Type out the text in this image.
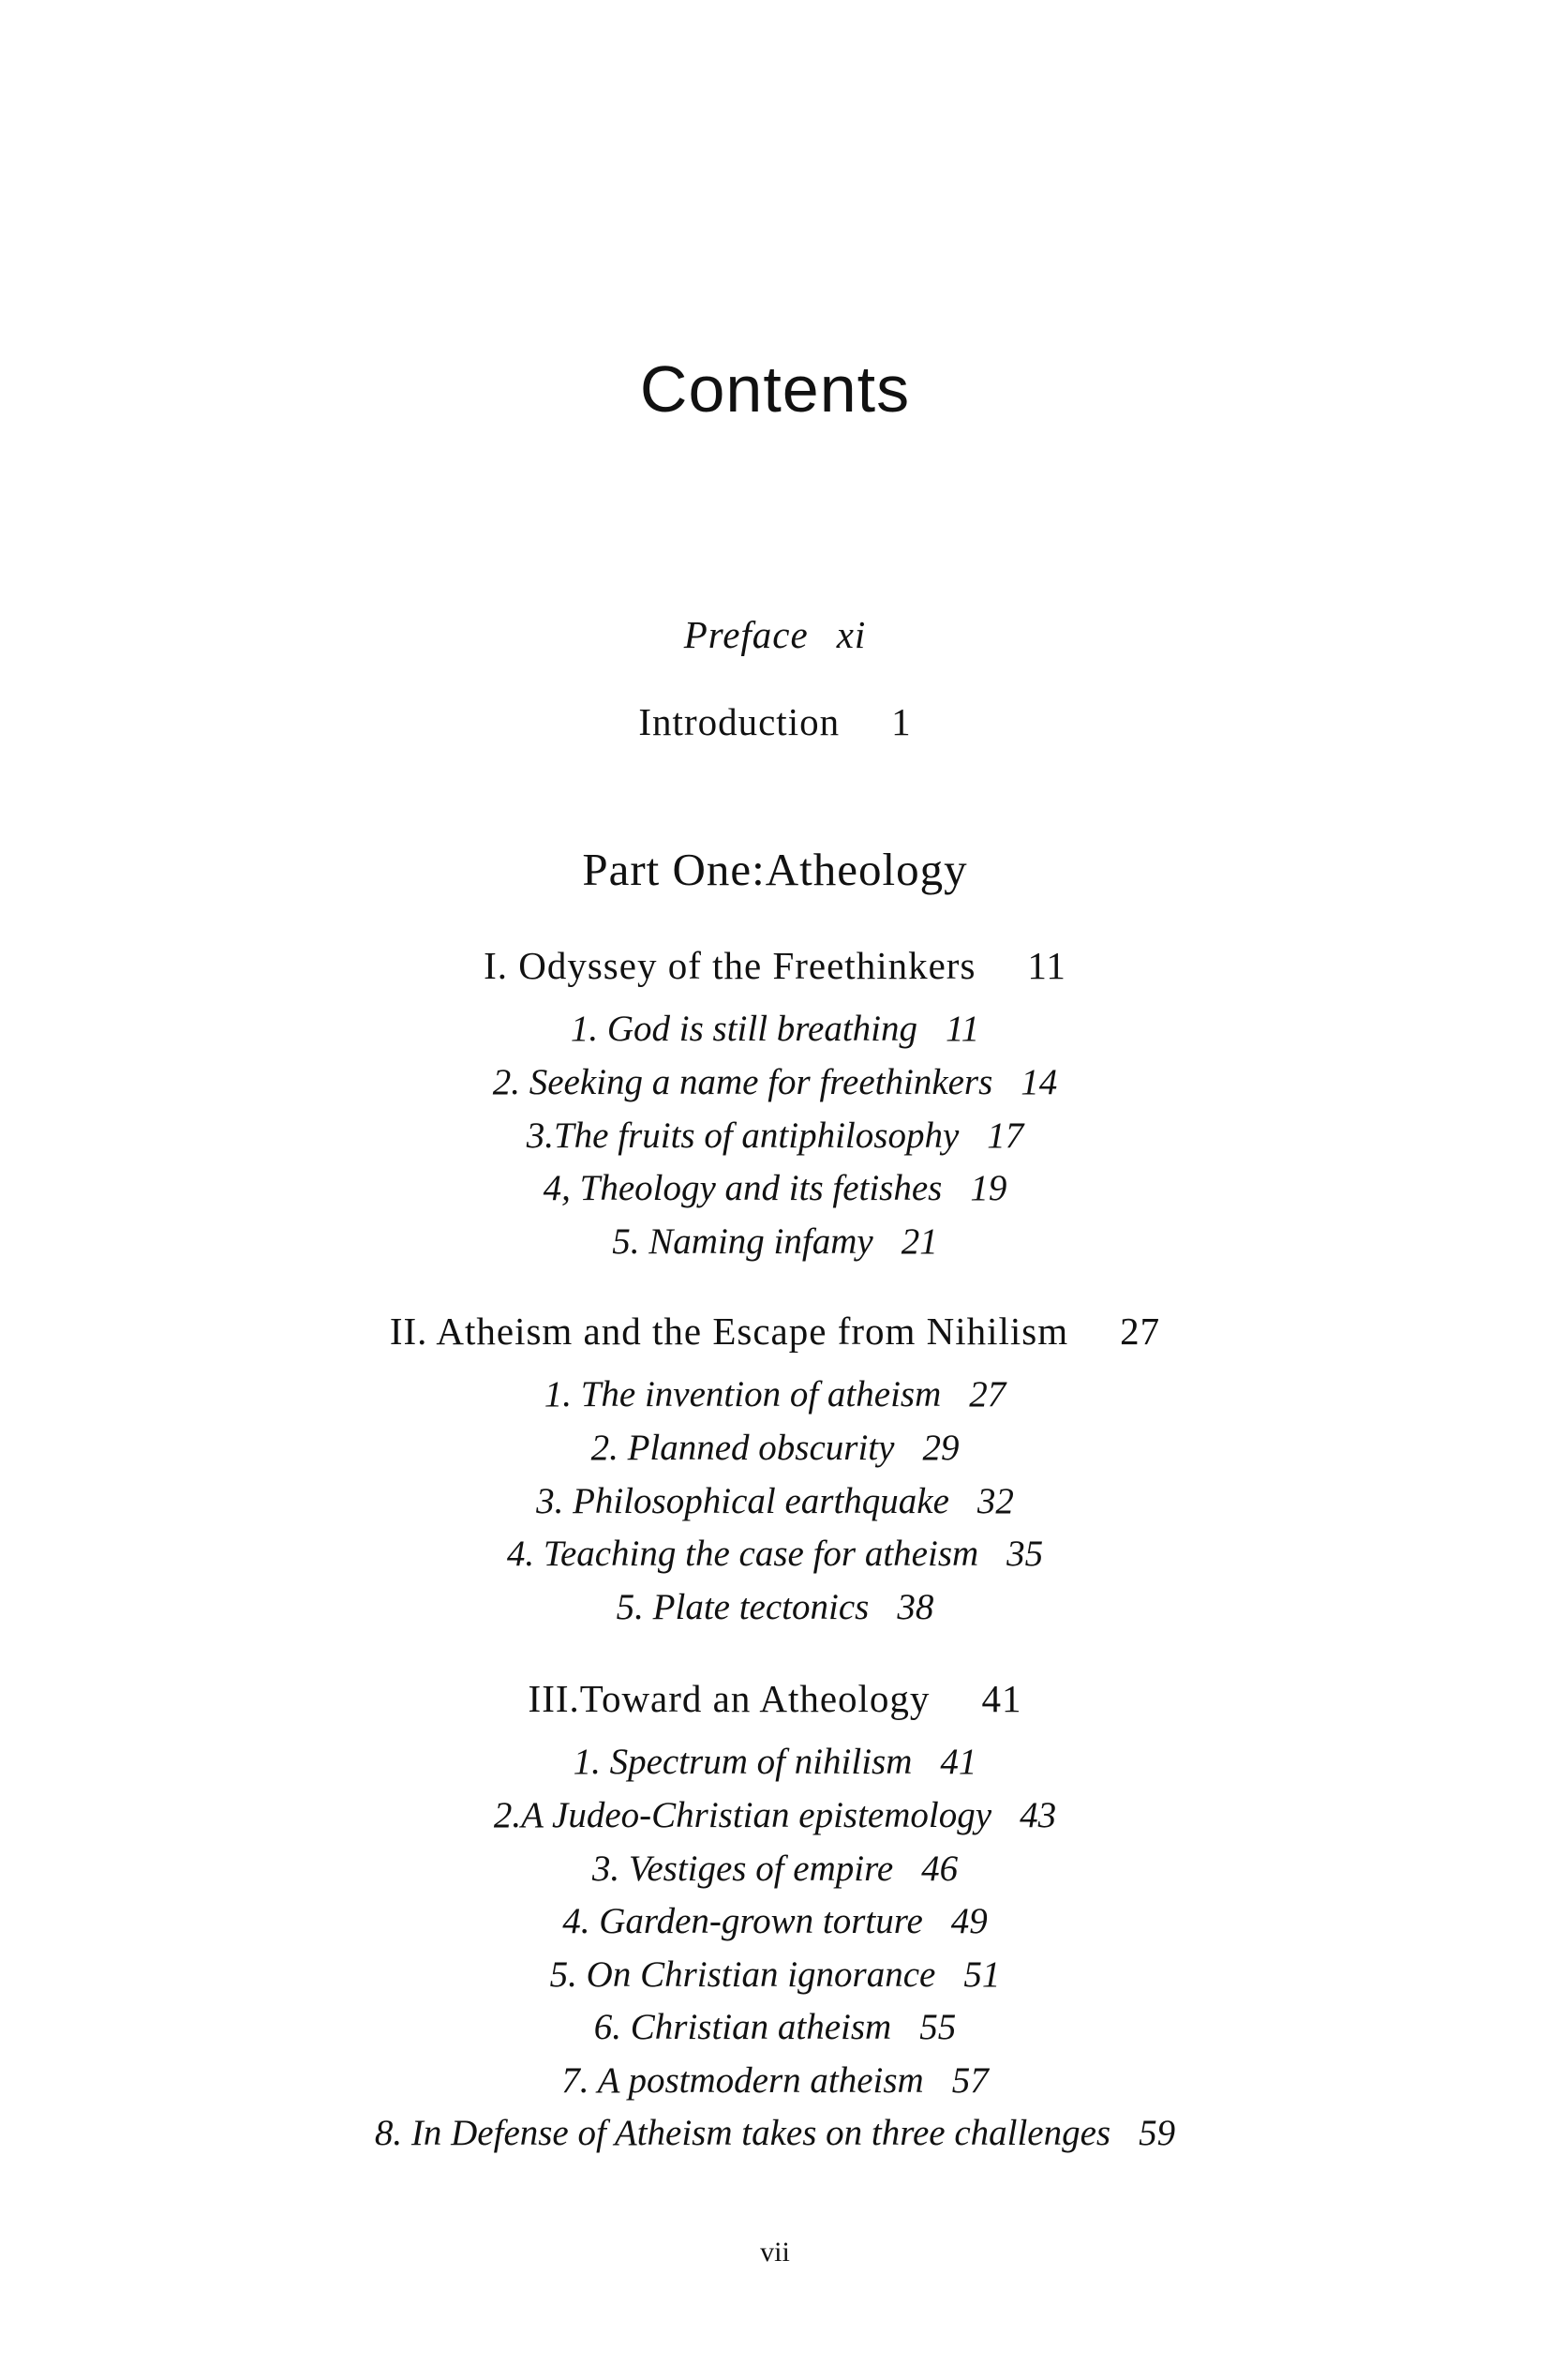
Contents
Preface xi
Introduction 1
Part One:Atheology
I. Odyssey of the Freethinkers 11
1. God is still breathing 11
2. Seeking a name for freethinkers 14
3.The fruits of antiphilosophy 17
4, Theology and its fetishes 19
5. Naming infamy 21
II. Atheism and the Escape from Nihilism 27
1. The invention of atheism 27
2. Planned obscurity 29
3. Philosophical earthquake 32
4. Teaching the case for atheism 35
5. Plate tectonics 38
III.Toward an Atheology 41
1. Spectrum of nihilism 41
2.A Judeo-Christian epistemology 43
3. Vestiges of empire 46
4. Garden-grown torture 49
5. On Christian ignorance 51
6. Christian atheism 55
7. A postmodern atheism 57
8. In Defense of Atheism takes on three challenges 59
vii
